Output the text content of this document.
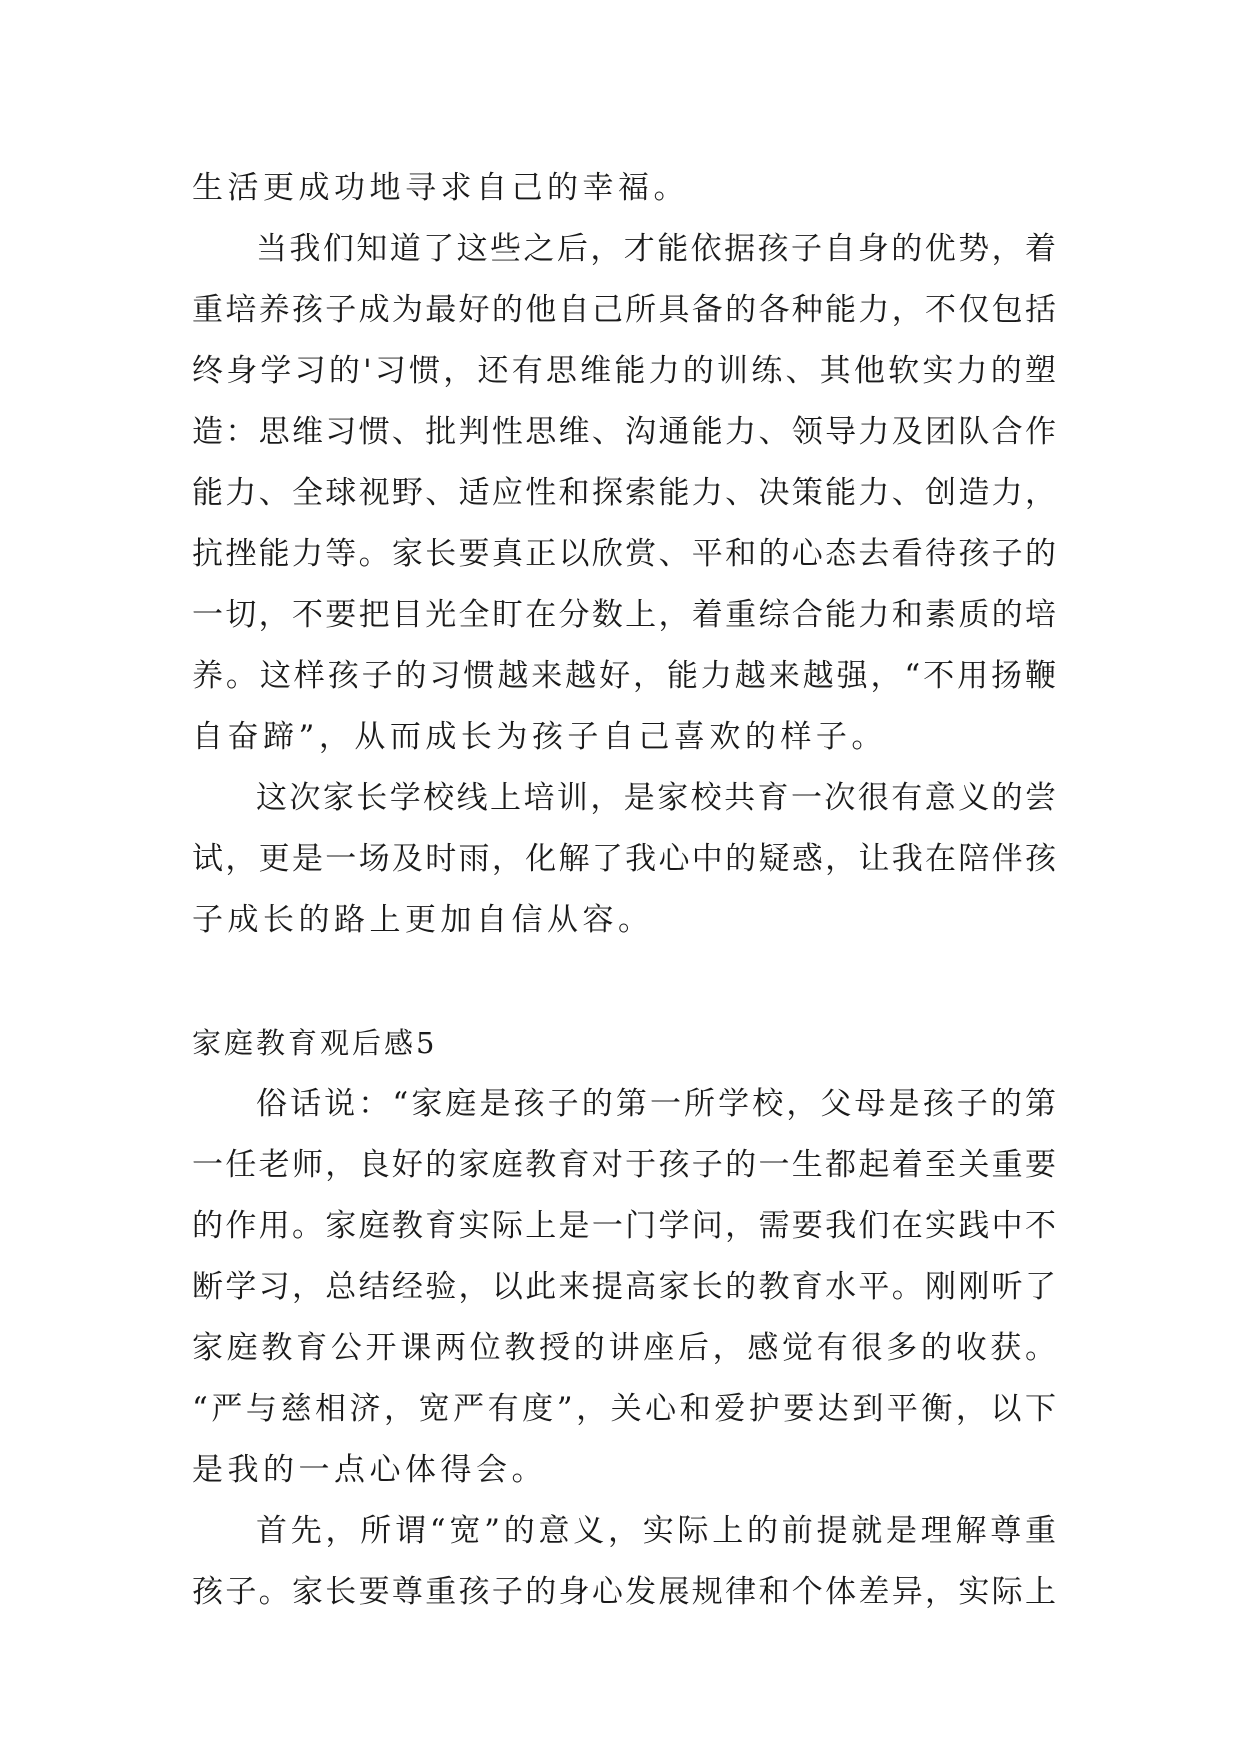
生活更成功地寻求自己的幸福。
当我们知道了这些之后，才能依据孩子自身的优势，着
重培养孩子成为最好的他自己所具备的各种能力，不仅包括
终身学习的'习惯，还有思维能力的训练、其他软实力的塑
造：思维习惯、批判性思维、沟通能力、领导力及团队合作
能力、全球视野、适应性和探索能力、决策能力、创造力，
抗挫能力等。家长要真正以欣赏、平和的心态去看待孩子的
一切，不要把目光全盯在分数上，着重综合能力和素质的培
养。这样孩子的习惯越来越好，能力越来越强，“不用扬鞭
自奋蹄”，从而成长为孩子自己喜欢的样子。
这次家长学校线上培训，是家校共育一次很有意义的尝
试，更是一场及时雨，化解了我心中的疑惑，让我在陪伴孩
子成长的路上更加自信从容。
家庭教育观后感5
俗话说：“家庭是孩子的第一所学校，父母是孩子的第
一任老师，良好的家庭教育对于孩子的一生都起着至关重要
的作用。家庭教育实际上是一门学问，需要我们在实践中不
断学习，总结经验，以此来提高家长的教育水平。刚刚听了
家庭教育公开课两位教授的讲座后，感觉有很多的收获。
“严与慈相济，宽严有度”，关心和爱护要达到平衡，以下
是我的一点心体得会。
首先，所谓“宽”的意义，实际上的前提就是理解尊重
孩子。家长要尊重孩子的身心发展规律和个体差异，实际上
